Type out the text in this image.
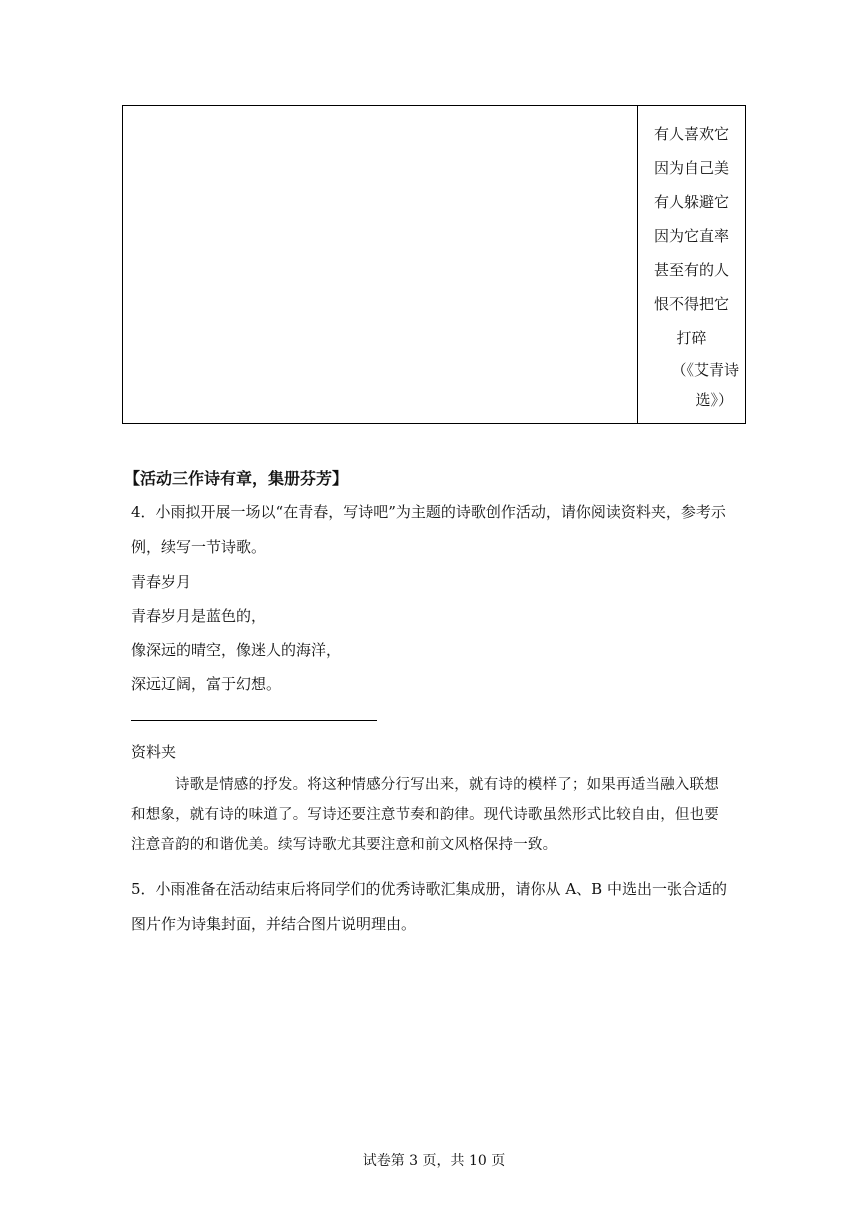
有人喜欢它
因为自己美
有人躲避它
因为它直率
甚至有的人
恨不得把它
打碎
（《艾青诗
选》）
【活动三作诗有章，集册芬芳】
4．小雨拟开展一场以“在青春，写诗吧”为主题的诗歌创作活动，请你阅读资料夹，参考示
例，续写一节诗歌。
青春岁月
青春岁月是蓝色的，
像深远的晴空，像迷人的海洋，
深远辽阔，富于幻想。
资料夹

诗歌是情感的抒发。将这种情感分行写出来，就有诗的模样了；如果再适当融入联想

和想象，就有诗的味道了。写诗还要注意节奏和韵律。现代诗歌虽然形式比较自由，但也要

注意音韵的和谐优美。续写诗歌尤其要注意和前文风格保持一致。

5．小雨准备在活动结束后将同学们的优秀诗歌汇集成册，请你从 A、B 中选出一张合适的
图片作为诗集封面，并结合图片说明理由。
试卷第 3 页，共 10 页
